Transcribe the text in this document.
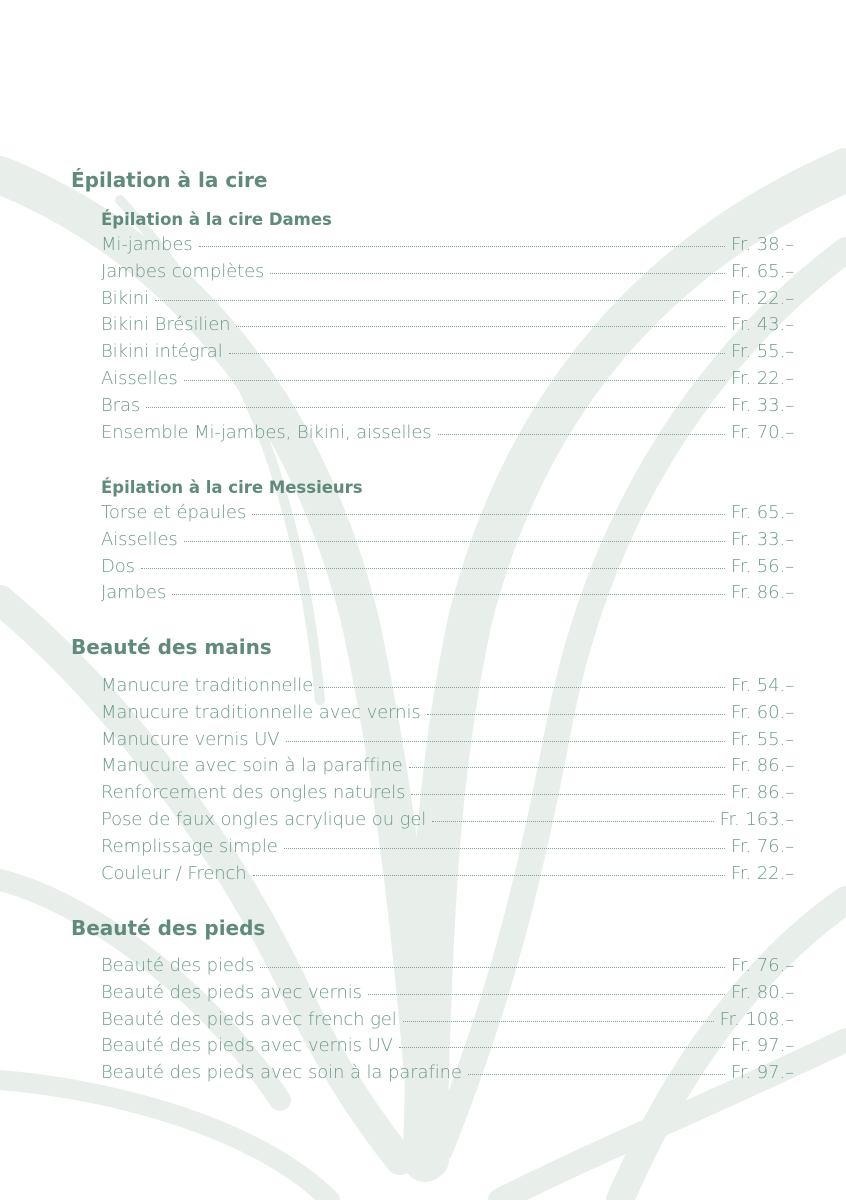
Épilation à la cire
Épilation à la cire Dames
Mi-jambes	Fr. 38.–
Jambes complètes	Fr. 65.–
Bikini	Fr. 22.–
Bikini Brésilien	Fr. 43.–
Bikini intégral	Fr. 55.–
Aisselles	Fr. 22.–
Bras	Fr. 33.–
Ensemble Mi-jambes, Bikini, aisselles	Fr. 70.–
Épilation à la cire Messieurs
Torse et épaules	Fr. 65.–
Aisselles	Fr. 33.–
Dos	Fr. 56.–
Jambes	Fr. 86.–
Beauté des mains
Manucure traditionnelle	Fr. 54.–
Manucure traditionnelle avec vernis	Fr. 60.–
Manucure vernis UV	Fr. 55.–
Manucure avec soin à la paraffine	Fr. 86.–
Renforcement des ongles naturels	Fr. 86.–
Pose de faux ongles acrylique ou gel	Fr. 163.–
Remplissage simple	Fr. 76.–
Couleur / French	Fr. 22.–
Beauté des pieds
Beauté des pieds	Fr. 76.–
Beauté des pieds avec vernis	Fr. 80.–
Beauté des pieds avec french gel	Fr. 108.–
Beauté des pieds avec vernis UV	Fr. 97.–
Beauté des pieds avec soin à la parafine	Fr. 97.–
